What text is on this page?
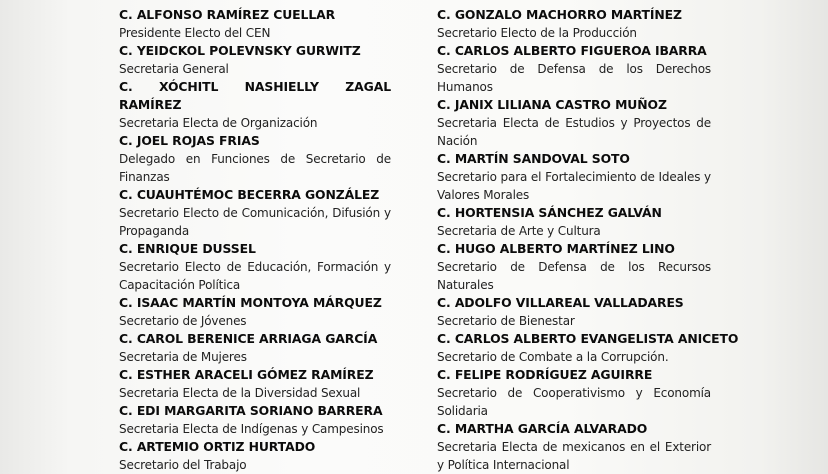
C. ALFONSO RAMÍREZ CUELLAR
Presidente Electo del CEN
C. YEIDCKOL POLEVNSKY GURWITZ
Secretaria General
C. XÓCHITL NASHIELLY ZAGAL RAMÍREZ
Secretaria Electa de Organización
C. JOEL ROJAS FRIAS
Delegado en Funciones de Secretario de Finanzas
C. CUAUHTÉMOC BECERRA GONZÁLEZ
Secretario Electo de Comunicación, Difusión y Propaganda
C. ENRIQUE DUSSEL
Secretario Electo de Educación, Formación y Capacitación Política
C. ISAAC MARTÍN MONTOYA MÁRQUEZ
Secretario de Jóvenes
C. CAROL BERENICE ARRIAGA GARCÍA
Secretaria de Mujeres
C. ESTHER ARACELI GÓMEZ RAMÍREZ
Secretaria Electa de la Diversidad Sexual
C. EDI MARGARITA SORIANO BARRERA
Secretaria Electa de Indígenas y Campesinos
C. ARTEMIO ORTIZ HURTADO
Secretario del Trabajo
C. GONZALO MACHORRO MARTÍNEZ
Secretario Electo de la Producción
C. CARLOS ALBERTO FIGUEROA IBARRA
Secretario de Defensa de los Derechos Humanos
C. JANIX LILIANA CASTRO MUÑOZ
Secretaria Electa de Estudios y Proyectos de Nación
C. MARTÍN SANDOVAL SOTO
Secretario para el Fortalecimiento de Ideales y Valores Morales
C. HORTENSIA SÁNCHEZ GALVÁN
Secretaria de Arte y Cultura
C. HUGO ALBERTO MARTÍNEZ LINO
Secretario de Defensa de los Recursos Naturales
C. ADOLFO VILLAREAL VALLADARES
Secretario de Bienestar
C. CARLOS ALBERTO EVANGELISTA ANICETO
Secretario de Combate a la Corrupción.
C. FELIPE RODRÍGUEZ AGUIRRE
Secretario de Cooperativismo y Economía Solidaria
C. MARTHA GARCÍA ALVARADO
Secretaria Electa de mexicanos en el Exterior y Política Internacional
